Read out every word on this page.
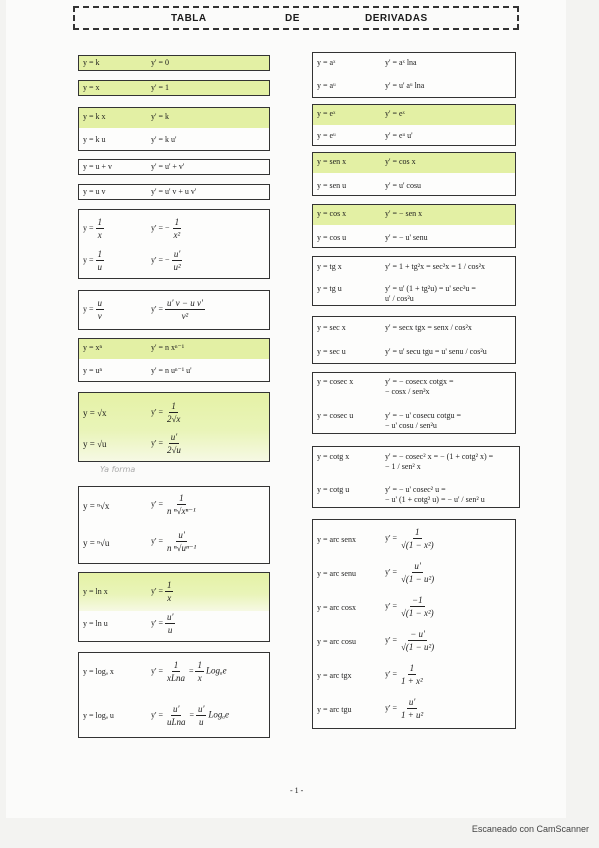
TABLA	DE	DERIVADAS
y = k	y' = 0
y = x	y' = 1
y = k x	y' = k
y = k u	y' = k u'
y = u + v	y' = u' + v'
y = u v	y' = u' v + u v'
$y = \frac{1}{x}$	y' = − $\frac{1}{\text{x²}}$
$y = \frac{1}{u}$	y' = − $\frac{u'}{\text{u²}}$
$y = \frac{u}{v}$	$y' = \frac{\text{u' v − u v'}}{\text{v²}}$
y = xⁿ	y' = n xⁿ⁻¹
y = uⁿ	y' = n uⁿ⁻¹ u'
y = √x	$y' = \frac{1}{2√x}$
y = √u	$y' = \frac{u'}{2√u}$
Ya forma
y = ⁿ√x	$y' = \frac{1}{\text{n ⁿ√xⁿ⁻¹}}$
y = ⁿ√u	$y' = \frac{u'}{\text{n ⁿ√uⁿ⁻¹}}$
y = ln x	$y' = \frac{1}{x}$
y = ln u	$y' = \frac{u'}{u}$
y = logₐ x	$y' = \frac{1}{\text{xLna}} = \frac{1}{x}$ Logₐe
y = logₐ u	$y' = \frac{u'}{\text{uLna}} = \frac{u'}{u}$ Logₐe
y = aˣ	y' = aˣ lna
y = aᵘ	y' = u' aᵘ lna
y = eˣ	y' = eˣ
y = eᵘ	y' = eᵘ u'
y = sen x	y' = cos x
y = sen u	y' = u' cosu
y = cos x	y' = − sen x
y = cos u	y' = − u' senu
y = tg x	y' = 1 + tg²x = sec²x = 1 / cos²x
y = tg u	y' = u' (1 + tg²u) = u' sec²u =
u' / cos²u
y = sec x	y' = secx tgx = senx / cos²x
y = sec u	y' = u' secu tgu = u' senu / cos²u
y = cosec x	y' = − cosecx cotgx =
− cosx / sen²x
y = cosec u	y' = − u' cosecu cotgu =
− u' cosu / sen²u
y = cotg x	y' = − cosec² x = − (1 + cotg² x) =
− 1 / sen² x
y = cotg u	y' = − u' cosec² u =
− u' (1 + cotg² u) = − u' / sen² u
y = arc senx	$y' = \frac{1}{\text{√(1 − x²)}}$
y = arc senu	$y' = \frac{u'}{\text{√(1 − u²)}}$
y = arc cosx	$y' = \frac{-1}{\text{√(1 − x²)}}$
y = arc cosu	$y' = \frac{- u'}{\text{√(1 − u²)}}$
y = arc tgx	$y' = \frac{1}{\text{1 + x²}}$
y = arc tgu	$y' = \frac{u'}{\text{1 + u²}}$
- 1 -
Escaneado con CamScanner
